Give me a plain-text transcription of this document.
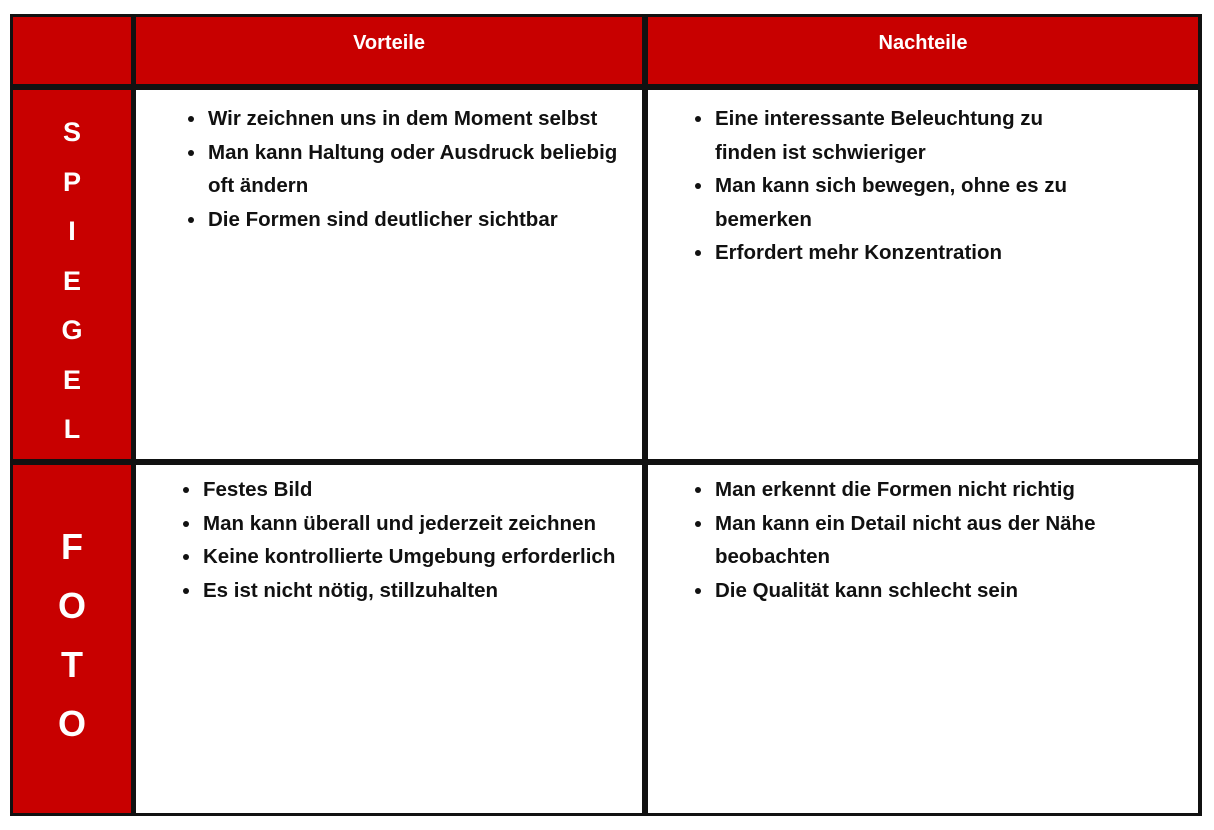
Vorteile	Nachteile
S
P
I
E
G
E
L
F
O
T
O
Wir zeichnen uns in dem Moment selbst
Man kann Haltung oder Ausdruck beliebig oft ändern
Die Formen sind deutlicher sichtbar
Eine interessante Beleuchtung zu finden ist schwieriger
Man kann sich bewegen, ohne es zu bemerken
Erfordert mehr Konzentration
Festes Bild
Man kann überall und jederzeit zeichnen
Keine kontrollierte Umgebung erforderlich
Es ist nicht nötig, stillzuhalten
Man erkennt die Formen nicht richtig
Man kann ein Detail nicht aus der Nähe beobachten
Die Qualität kann schlecht sein
